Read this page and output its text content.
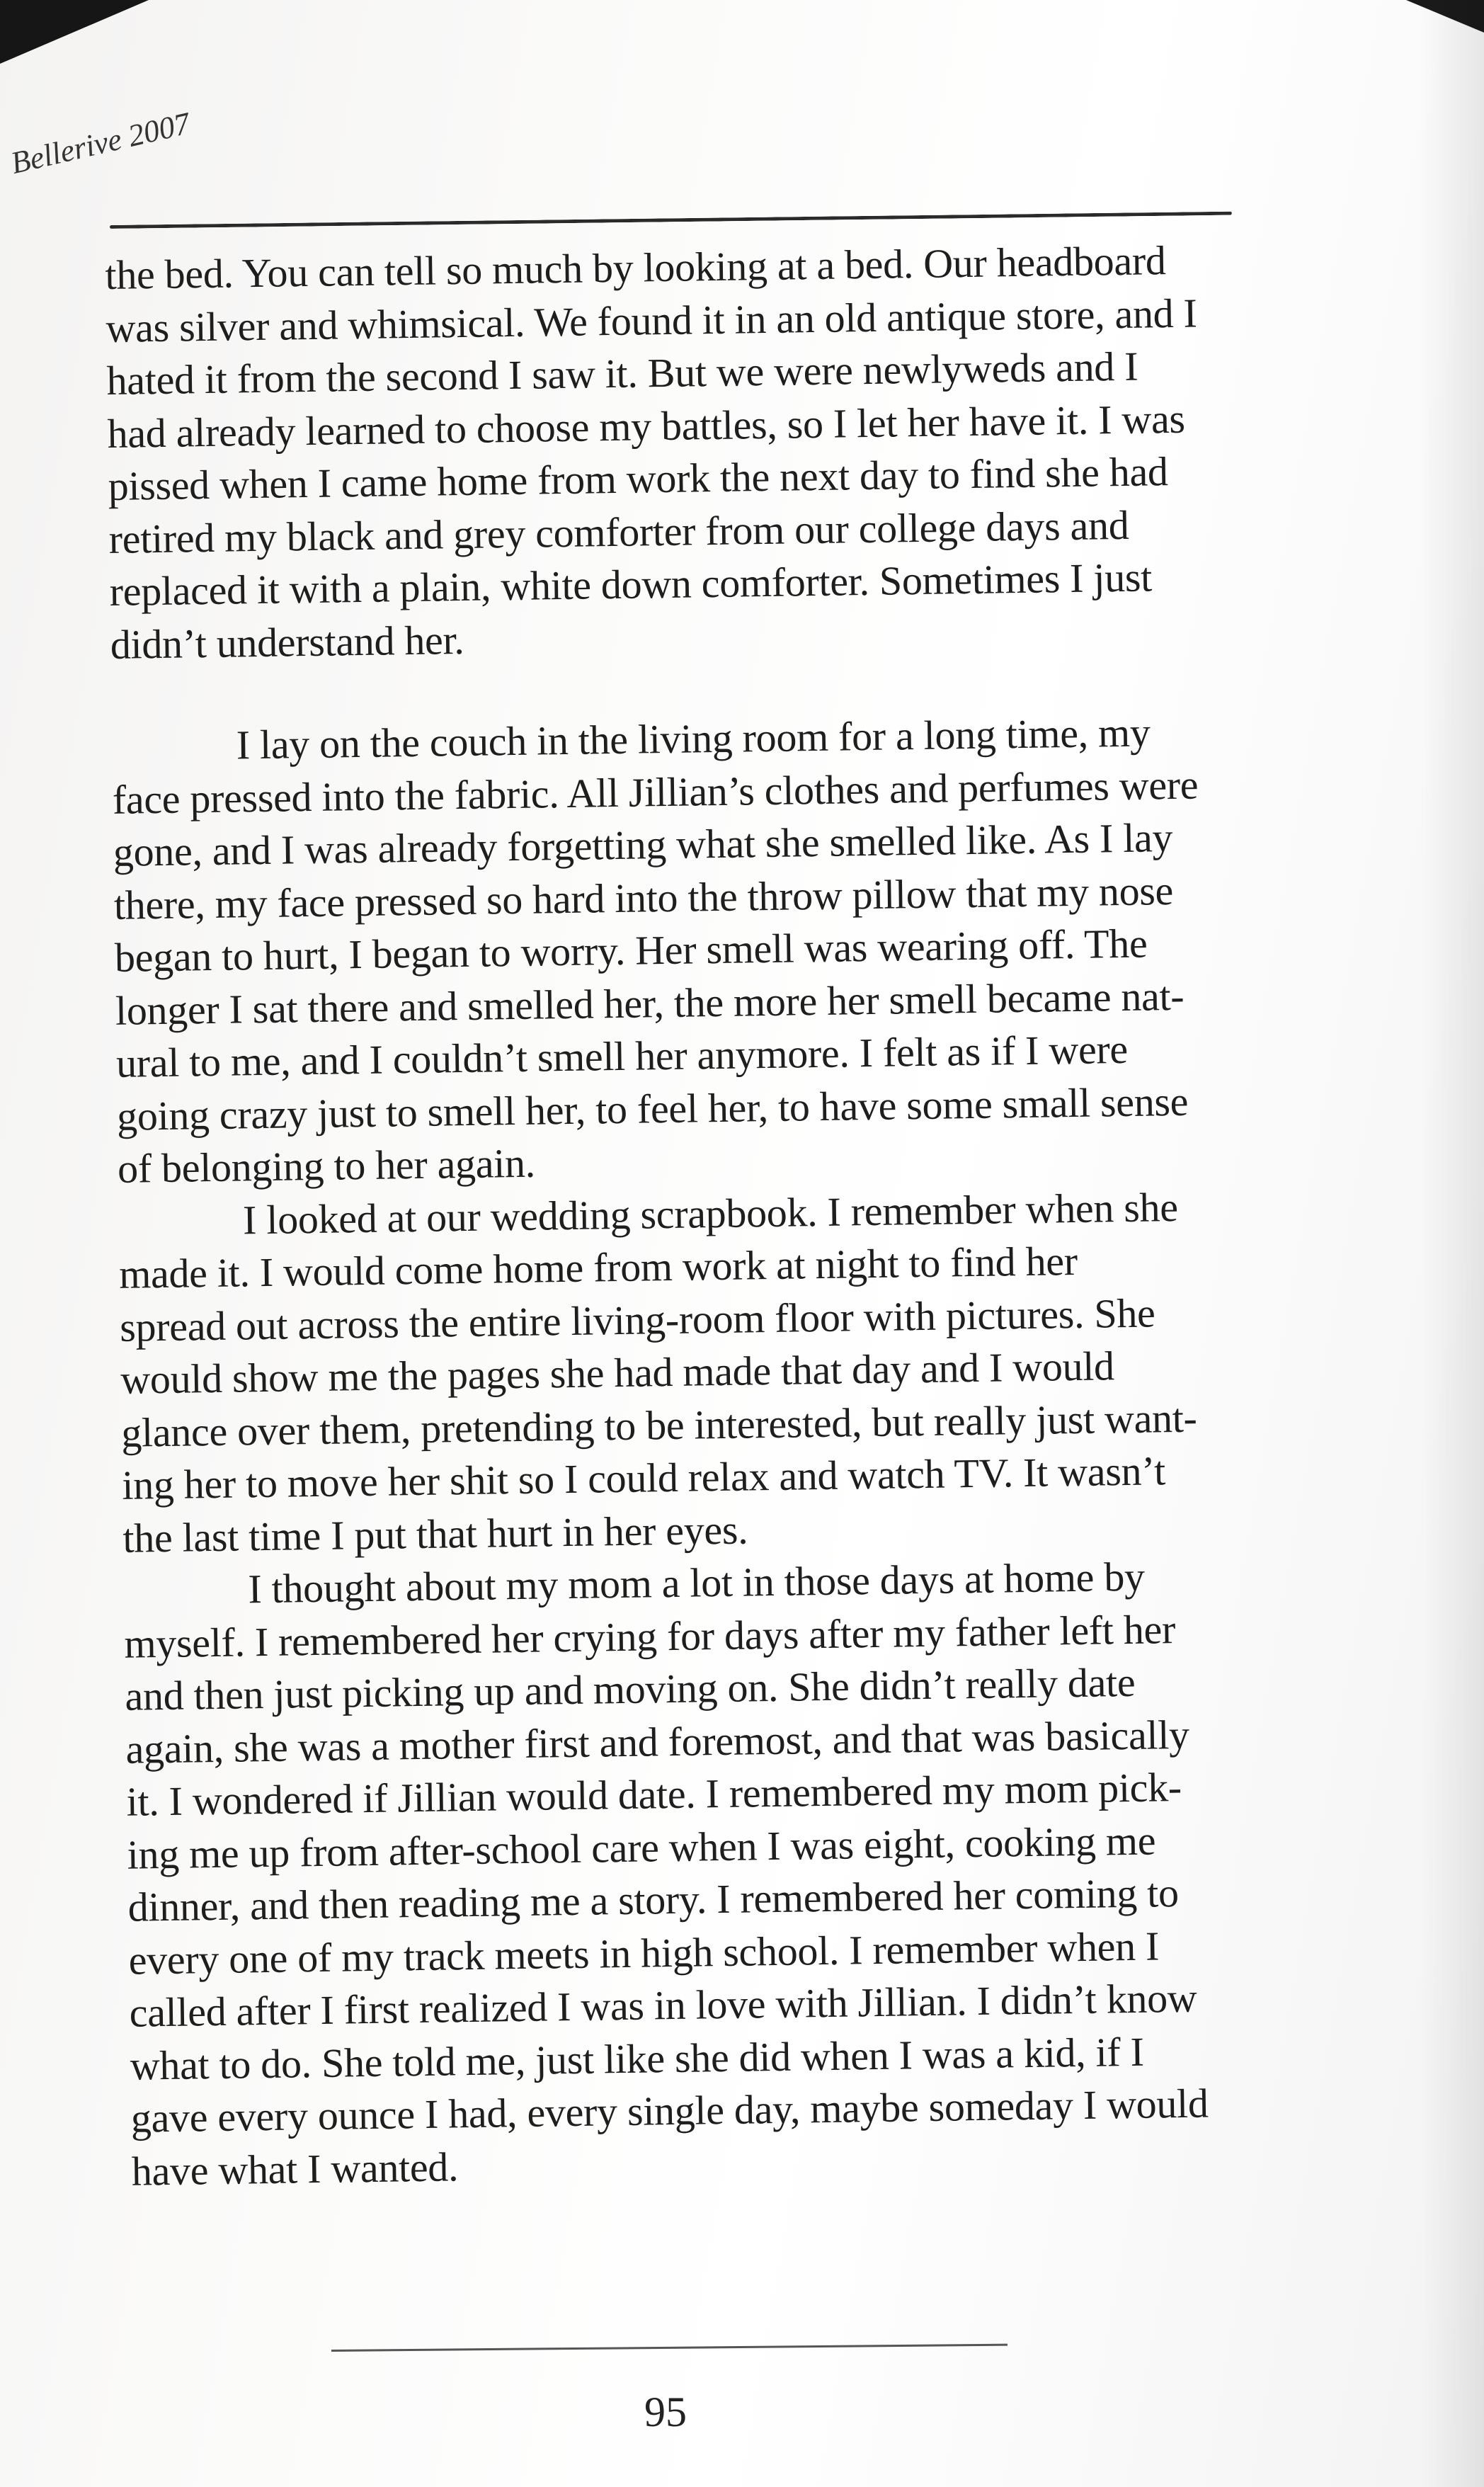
Bellerive 2007
the bed. You can tell so much by looking at a bed. Our headboard
was silver and whimsical. We found it in an old antique store, and I
hated it from the second I saw it. But we were newlyweds and I
had already learned to choose my battles, so I let her have it. I was
pissed when I came home from work the next day to find she had
retired my black and grey comforter from our college days and
replaced it with a plain, white down comforter. Sometimes I just
didn’t understand her.
I lay on the couch in the living room for a long time, my
face pressed into the fabric. All Jillian’s clothes and perfumes were
gone, and I was already forgetting what she smelled like. As I lay
there, my face pressed so hard into the throw pillow that my nose
began to hurt, I began to worry. Her smell was wearing off. The
longer I sat there and smelled her, the more her smell became nat-
ural to me, and I couldn’t smell her anymore. I felt as if I were
going crazy just to smell her, to feel her, to have some small sense
of belonging to her again.
I looked at our wedding scrapbook. I remember when she
made it. I would come home from work at night to find her
spread out across the entire living-room floor with pictures. She
would show me the pages she had made that day and I would
glance over them, pretending to be interested, but really just want-
ing her to move her shit so I could relax and watch TV. It wasn’t
the last time I put that hurt in her eyes.
I thought about my mom a lot in those days at home by
myself. I remembered her crying for days after my father left her
and then just picking up and moving on. She didn’t really date
again, she was a mother first and foremost, and that was basically
it. I wondered if Jillian would date. I remembered my mom pick-
ing me up from after-school care when I was eight, cooking me
dinner, and then reading me a story. I remembered her coming to
every one of my track meets in high school. I remember when I
called after I first realized I was in love with Jillian. I didn’t know
what to do. She told me, just like she did when I was a kid, if I
gave every ounce I had, every single day, maybe someday I would
have what I wanted.
95
